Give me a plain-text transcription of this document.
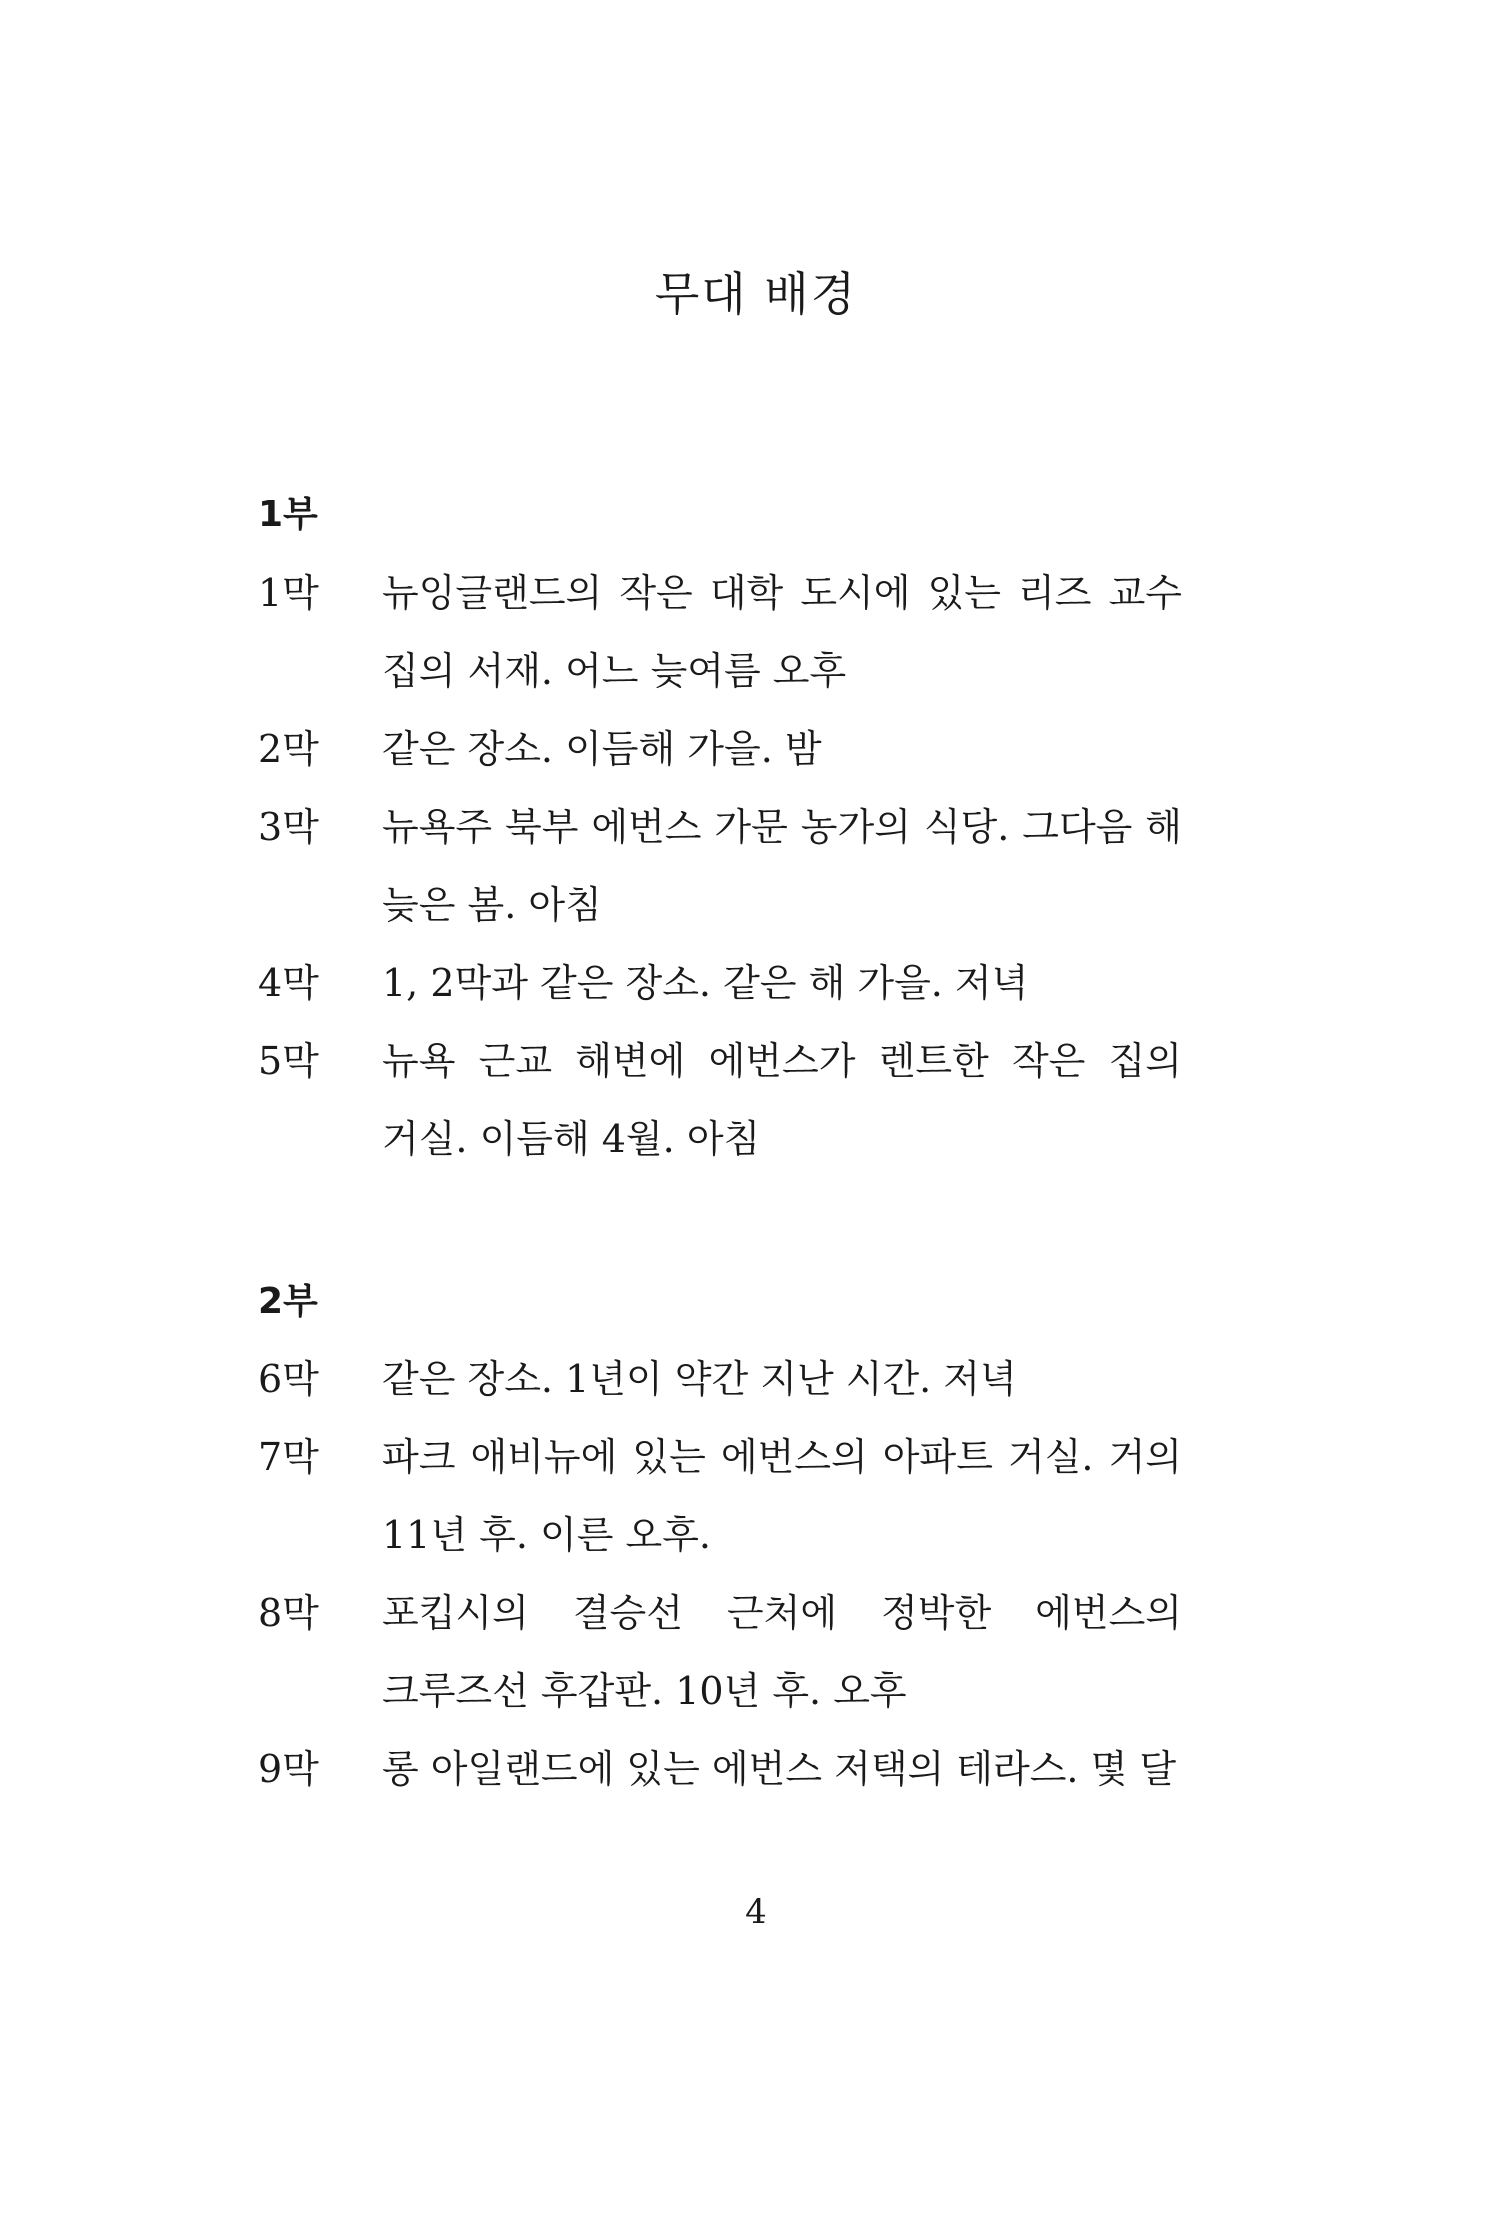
무대 배경
1부
1막 뉴잉글랜드의 작은 대학 도시에 있는 리즈 교수 집의 서재. 어느 늦여름 오후
2막 같은 장소. 이듬해 가을. 밤
3막 뉴욕주 북부 에번스 가문 농가의 식당. 그다음 해 늦은 봄. 아침
4막 1, 2막과 같은 장소. 같은 해 가을. 저녁
5막 뉴욕 근교 해변에 에번스가 렌트한 작은 집의 거실. 이듬해 4월. 아침
2부
6막 같은 장소. 1년이 약간 지난 시간. 저녁
7막 파크 애비뉴에 있는 에번스의 아파트 거실. 거의 11년 후. 이른 오후.
8막 포킵시의 결승선 근처에 정박한 에번스의 크루즈선 후갑판. 10년 후. 오후
9막 롱 아일랜드에 있는 에번스 저택의 테라스. 몇 달
4
